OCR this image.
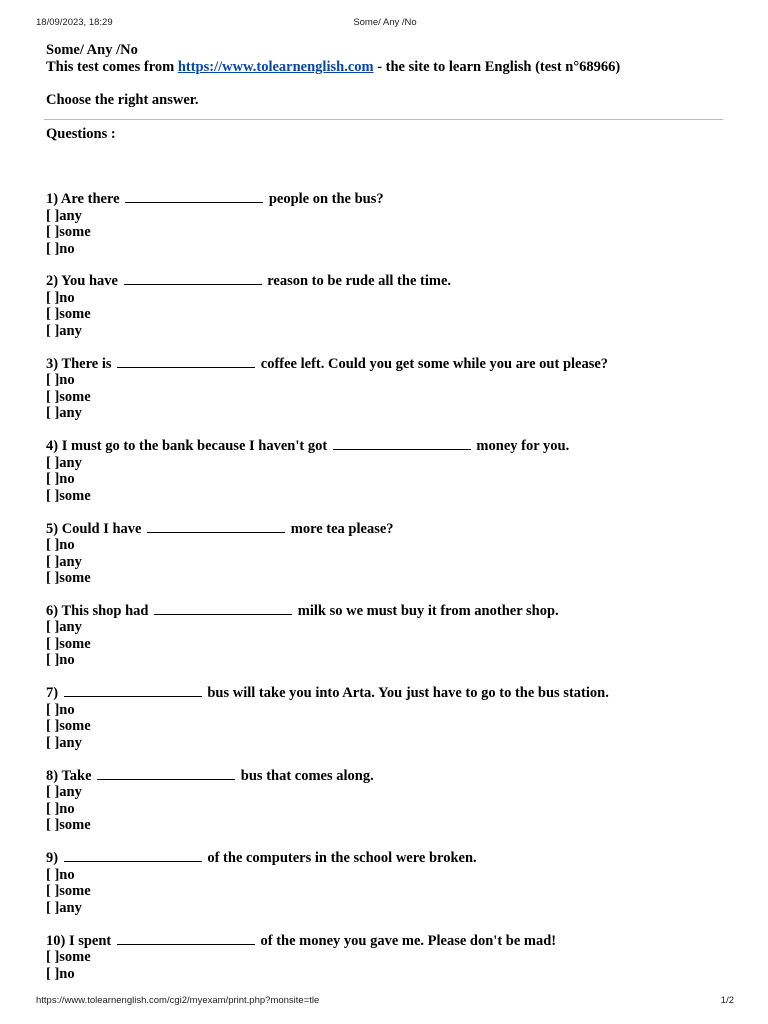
18/09/2023, 18:29	Some/ Any /No
Some/ Any /No
This test comes from https://www.tolearnenglish.com - the site to learn English (test n°68966)
Choose the right answer.
Questions :
1) Are there	people on the bus?
[ ]any
[ ]some
[ ]no
2) You have	reason to be rude all the time.
[ ]no
[ ]some
[ ]any
3) There is	coffee left. Could you get some while you are out please?
[ ]no
[ ]some
[ ]any
4) I must go to the bank because I haven't got	money for you.
[ ]any
[ ]no
[ ]some
5) Could I have	more tea please?
[ ]no
[ ]any
[ ]some
6) This shop had	milk so we must buy it from another shop.
[ ]any
[ ]some
[ ]no
7)	bus will take you into Arta. You just have to go to the bus station.
[ ]no
[ ]some
[ ]any
8) Take	bus that comes along.
[ ]any
[ ]no
[ ]some
9)	of the computers in the school were broken.
[ ]no
[ ]some
[ ]any
10) I spent	of the money you gave me. Please don't be mad!
[ ]some
[ ]no
https://www.tolearnenglish.com/cgi2/myexam/print.php?monsite=tle	1/2
